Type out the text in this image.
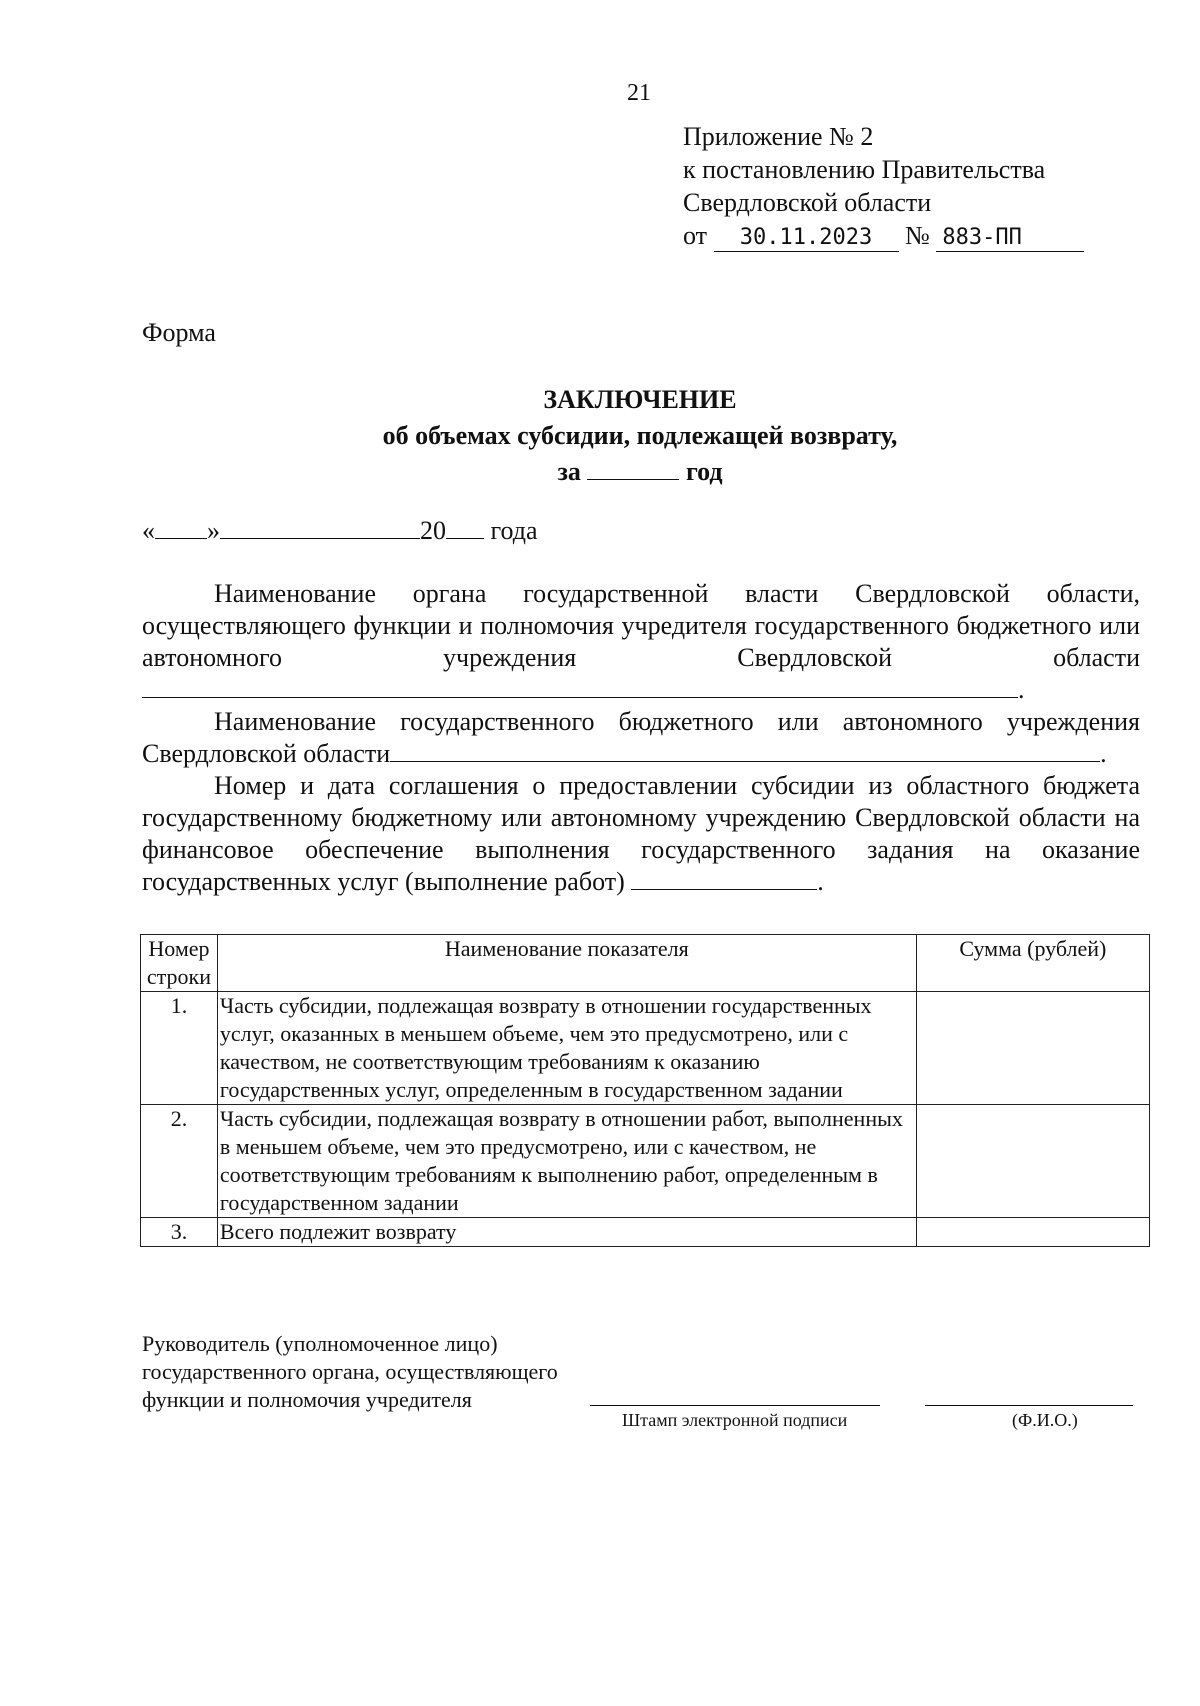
21
Приложение № 2
к постановлению Правительства
Свердловской области
от 30.11.2023 № 883-ПП
Форма
ЗАКЛЮЧЕНИЕ
об объемах субсидии, подлежащей возврату,
за	год
« »	20 года
Наименование органа государственной власти Свердловской области, осуществляющего функции и полномочия учредителя государственного бюджетного или автономного учреждения Свердловской области.
Наименование государственного бюджетного или автономного учреждения Свердловской области	.
Номер и дата соглашения о предоставлении субсидии из областного бюджета государственному бюджетному или автономному учреждению Свердловской области на финансовое обеспечение выполнения государственного задания на оказание государственных услуг (выполнение работ)	.
Номер строки	Наименование показателя	Сумма (рублей)
1.	Часть субсидии, подлежащая возврату в отношении государственных услуг, оказанных в меньшем объеме, чем это предусмотрено, или с качеством, не соответствующим требованиям к оказанию государственных услуг, определенным в государственном задании	
2.	Часть субсидии, подлежащая возврату в отношении работ, выполненных в меньшем объеме, чем это предусмотрено, или с качеством, не соответствующим требованиям к выполнению работ, определенным в государственном задании	
3.	Всего подлежит возврату	
Руководитель (уполномоченное лицо)
государственного органа, осуществляющего
функции и полномочия учредителя
Штамп электронной подписи	(Ф.И.О.)
